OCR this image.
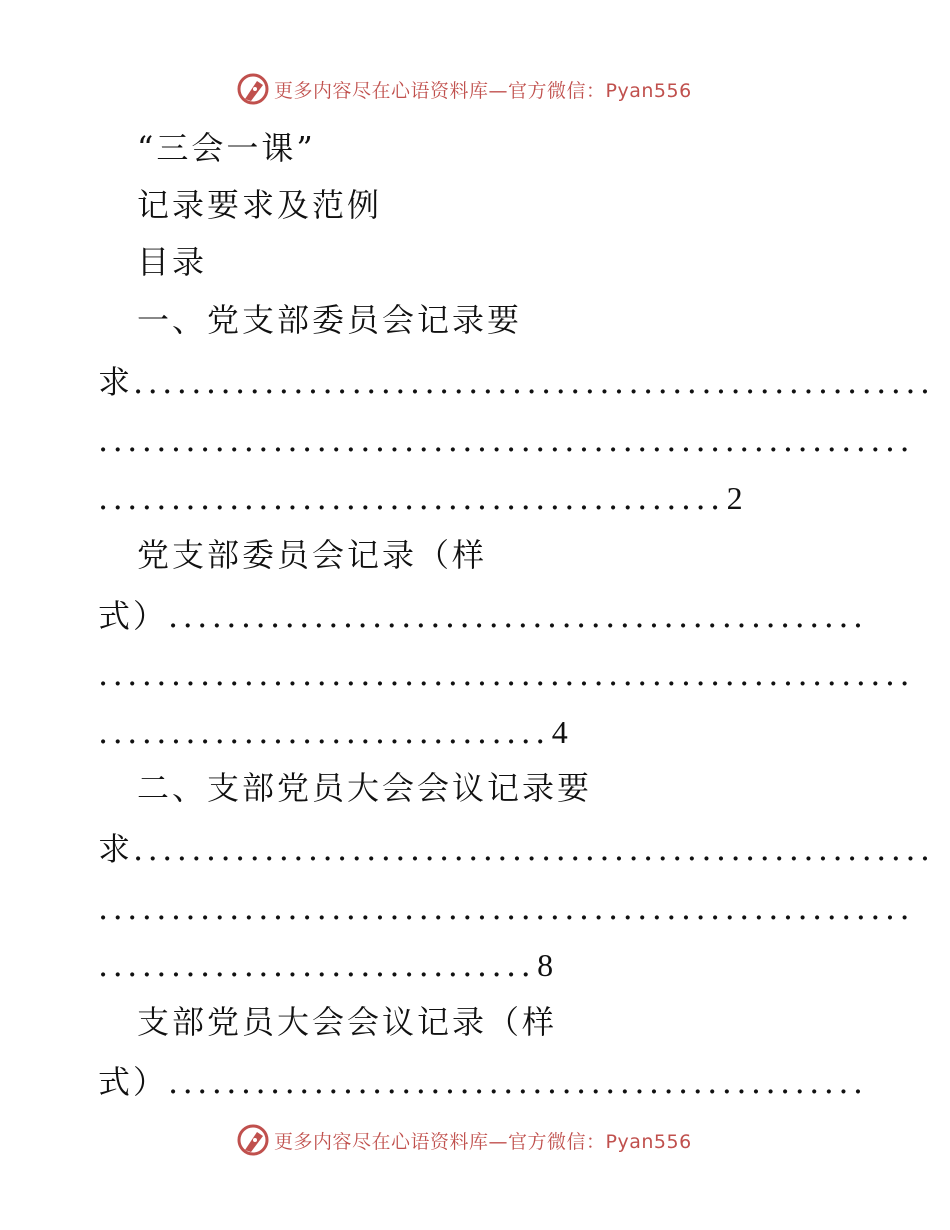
更多内容尽在心语资料库—官方微信：Pyan556
“三会一课”
记录要求及范例
目录
一、党支部委员会记录要
求.......................................................
........................................................
...........................................2
党支部委员会记录（样
式）................................................
........................................................
...............................4
二、支部党员大会会议记录要
求.......................................................
........................................................
..............................8
支部党员大会会议记录（样
式）................................................
更多内容尽在心语资料库—官方微信：Pyan556
